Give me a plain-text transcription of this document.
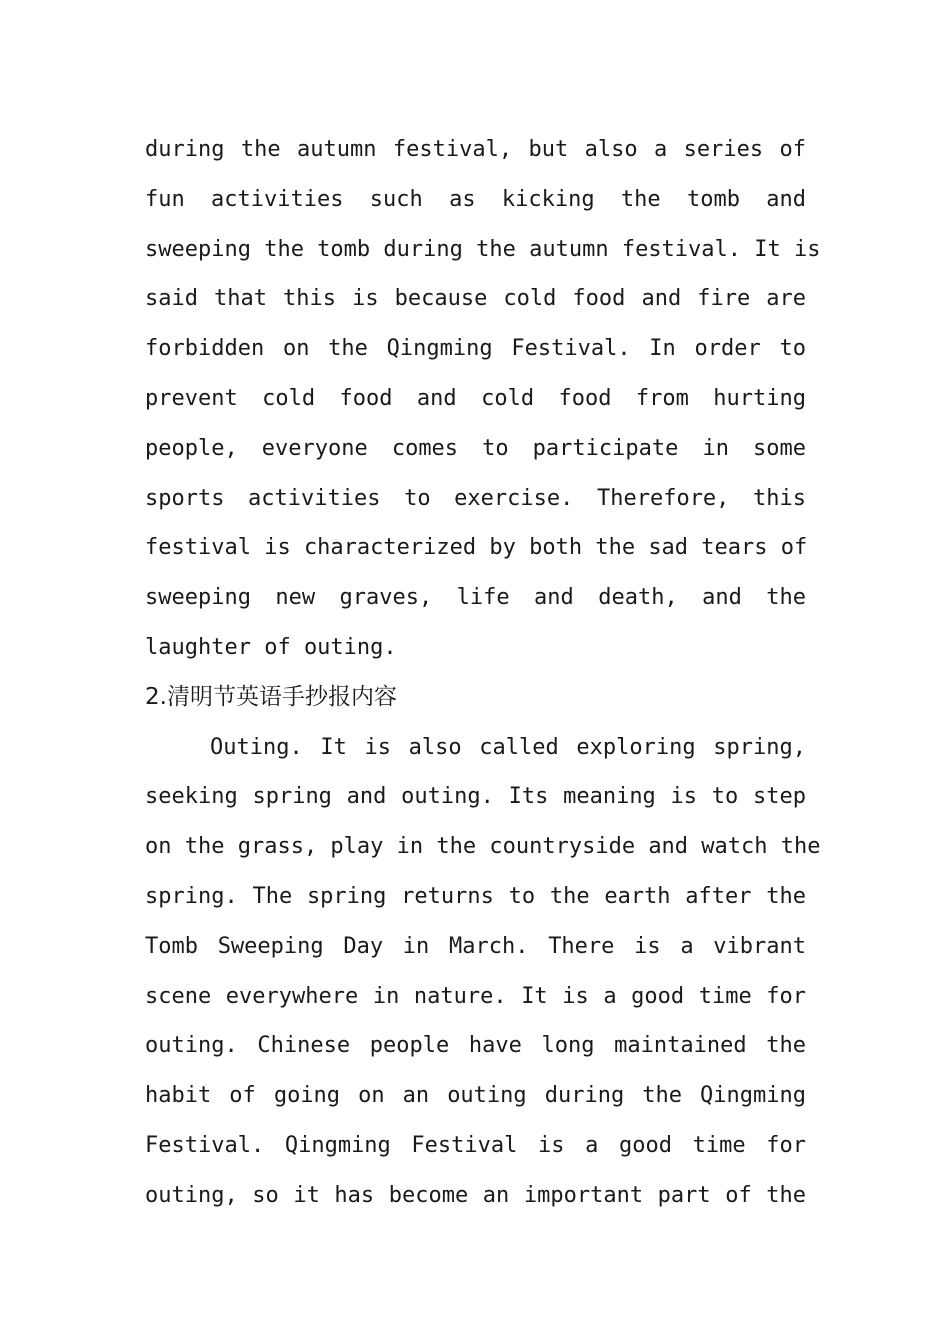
during the autumn festival, but also a series of
fun activities such as kicking the tomb and
sweeping the tomb during the autumn festival. It is
said that this is because cold food and fire are
forbidden on the Qingming Festival. In order to
prevent cold food and cold food from hurting
people, everyone comes to participate in some
sports activities to exercise. Therefore, this
festival is characterized by both the sad tears of
sweeping new graves, life and death, and the
laughter of outing.
2.清明节英语手抄报内容
Outing. It is also called exploring spring,
seeking spring and outing. Its meaning is to step
on the grass, play in the countryside and watch the
spring. The spring returns to the earth after the
Tomb Sweeping Day in March. There is a vibrant
scene everywhere in nature. It is a good time for
outing. Chinese people have long maintained the
habit of going on an outing during the Qingming
Festival. Qingming Festival is a good time for
outing, so it has become an important part of the
